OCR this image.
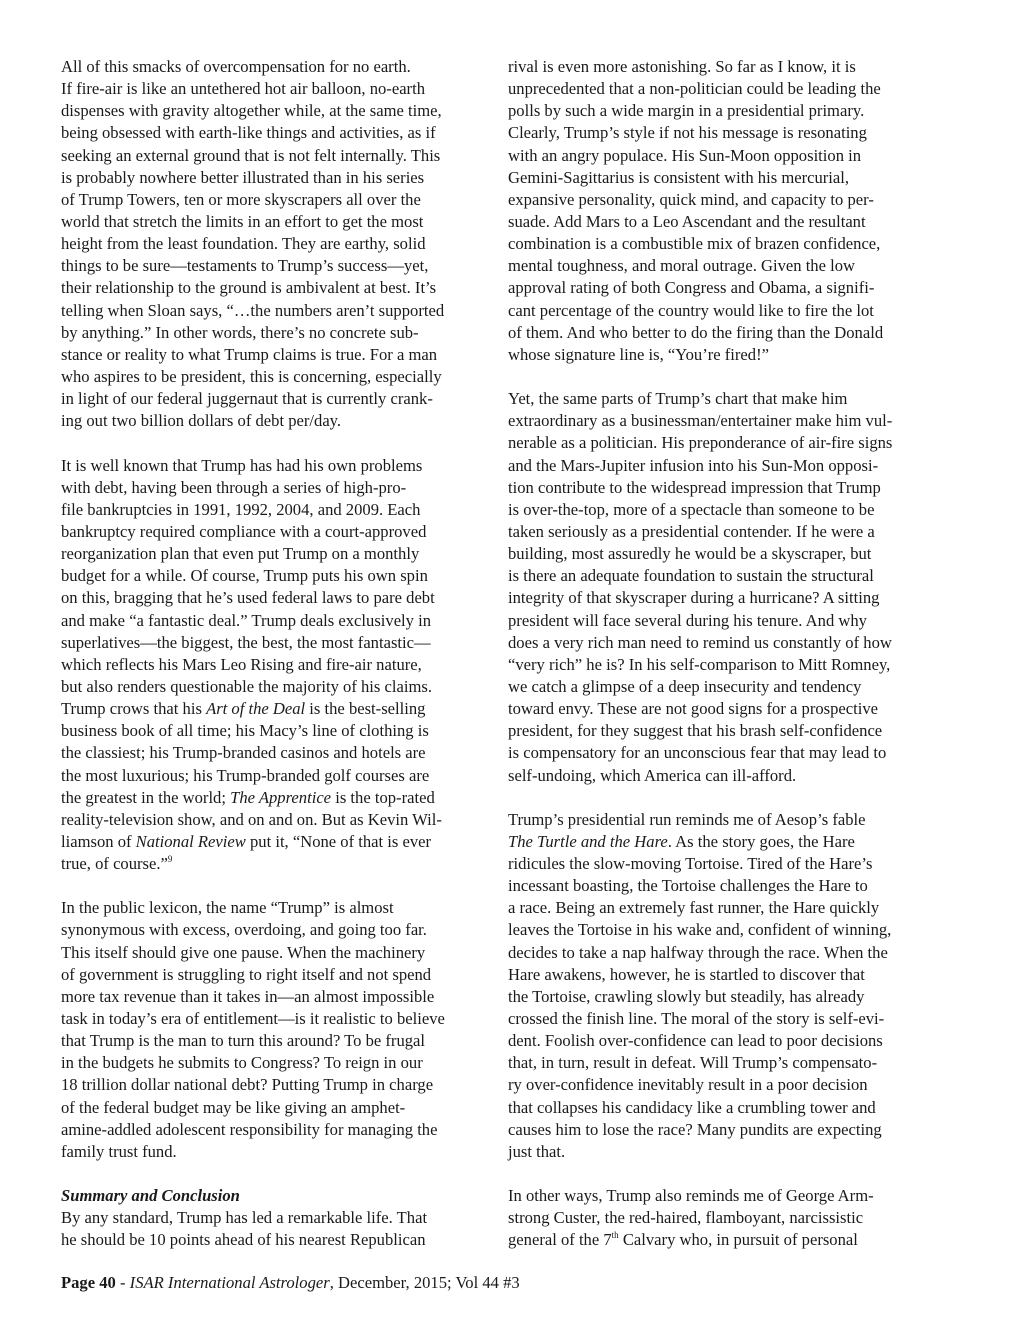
All of this smacks of overcompensation for no earth.
If fire-air is like an untethered hot air balloon, no-earth
dispenses with gravity altogether while, at the same time,
being obsessed with earth-like things and activities, as if
seeking an external ground that is not felt internally. This
is probably nowhere better illustrated than in his series
of Trump Towers, ten or more skyscrapers all over the
world that stretch the limits in an effort to get the most
height from the least foundation. They are earthy, solid
things to be sure—testaments to Trump’s success—yet,
their relationship to the ground is ambivalent at best. It’s
telling when Sloan says, “…the numbers aren’t supported
by anything.” In other words, there’s no concrete sub-
stance or reality to what Trump claims is true. For a man
who aspires to be president, this is concerning, especially
in light of our federal juggernaut that is currently crank-
ing out two billion dollars of debt per/day.
It is well known that Trump has had his own problems
with debt, having been through a series of high-pro-
file bankruptcies in 1991, 1992, 2004, and 2009. Each
bankruptcy required compliance with a court-approved
reorganization plan that even put Trump on a monthly
budget for a while. Of course, Trump puts his own spin
on this, bragging that he’s used federal laws to pare debt
and make “a fantastic deal.” Trump deals exclusively in
superlatives—the biggest, the best, the most fantastic—
which reflects his Mars Leo Rising and fire-air nature,
but also renders questionable the majority of his claims.
Trump crows that his Art of the Deal is the best-selling
business book of all time; his Macy’s line of clothing is
the classiest; his Trump-branded casinos and hotels are
the most luxurious; his Trump-branded golf courses are
the greatest in the world; The Apprentice is the top-rated
reality-television show, and on and on. But as Kevin Wil-
liamson of National Review put it, “None of that is ever
true, of course.”$^9$
In the public lexicon, the name “Trump” is almost
synonymous with excess, overdoing, and going too far.
This itself should give one pause. When the machinery
of government is struggling to right itself and not spend
more tax revenue than it takes in—an almost impossible
task in today’s era of entitlement—is it realistic to believe
that Trump is the man to turn this around? To be frugal
in the budgets he submits to Congress? To reign in our
18 trillion dollar national debt? Putting Trump in charge
of the federal budget may be like giving an amphet-
amine-addled adolescent responsibility for managing the
family trust fund.
Summary and Conclusion
By any standard, Trump has led a remarkable life. That
he should be 10 points ahead of his nearest Republican
rival is even more astonishing. So far as I know, it is
unprecedented that a non-politician could be leading the
polls by such a wide margin in a presidential primary.
Clearly, Trump’s style if not his message is resonating
with an angry populace. His Sun-Moon opposition in
Gemini-Sagittarius is consistent with his mercurial,
expansive personality, quick mind, and capacity to per-
suade. Add Mars to a Leo Ascendant and the resultant
combination is a combustible mix of brazen confidence,
mental toughness, and moral outrage. Given the low
approval rating of both Congress and Obama, a signifi-
cant percentage of the country would like to fire the lot
of them. And who better to do the firing than the Donald
whose signature line is, “You’re fired!”
Yet, the same parts of Trump’s chart that make him
extraordinary as a businessman/entertainer make him vul-
nerable as a politician. His preponderance of air-fire signs
and the Mars-Jupiter infusion into his Sun-Mon opposi-
tion contribute to the widespread impression that Trump
is over-the-top, more of a spectacle than someone to be
taken seriously as a presidential contender. If he were a
building, most assuredly he would be a skyscraper, but
is there an adequate foundation to sustain the structural
integrity of that skyscraper during a hurricane? A sitting
president will face several during his tenure. And why
does a very rich man need to remind us constantly of how
“very rich” he is? In his self-comparison to Mitt Romney,
we catch a glimpse of a deep insecurity and tendency
toward envy. These are not good signs for a prospective
president, for they suggest that his brash self-confidence
is compensatory for an unconscious fear that may lead to
self-undoing, which America can ill-afford.
Trump’s presidential run reminds me of Aesop’s fable
The Turtle and the Hare. As the story goes, the Hare
ridicules the slow-moving Tortoise. Tired of the Hare’s
incessant boasting, the Tortoise challenges the Hare to
a race. Being an extremely fast runner, the Hare quickly
leaves the Tortoise in his wake and, confident of winning,
decides to take a nap halfway through the race. When the
Hare awakens, however, he is startled to discover that
the Tortoise, crawling slowly but steadily, has already
crossed the finish line. The moral of the story is self-evi-
dent. Foolish over-confidence can lead to poor decisions
that, in turn, result in defeat. Will Trump’s compensato-
ry over-confidence inevitably result in a poor decision
that collapses his candidacy like a crumbling tower and
causes him to lose the race? Many pundits are expecting
just that.
In other ways, Trump also reminds me of George Arm-
strong Custer, the red-haired, flamboyant, narcissistic
general of the 7th Calvary who, in pursuit of personal
Page 40 - ISAR International Astrologer, December, 2015; Vol 44 #3
